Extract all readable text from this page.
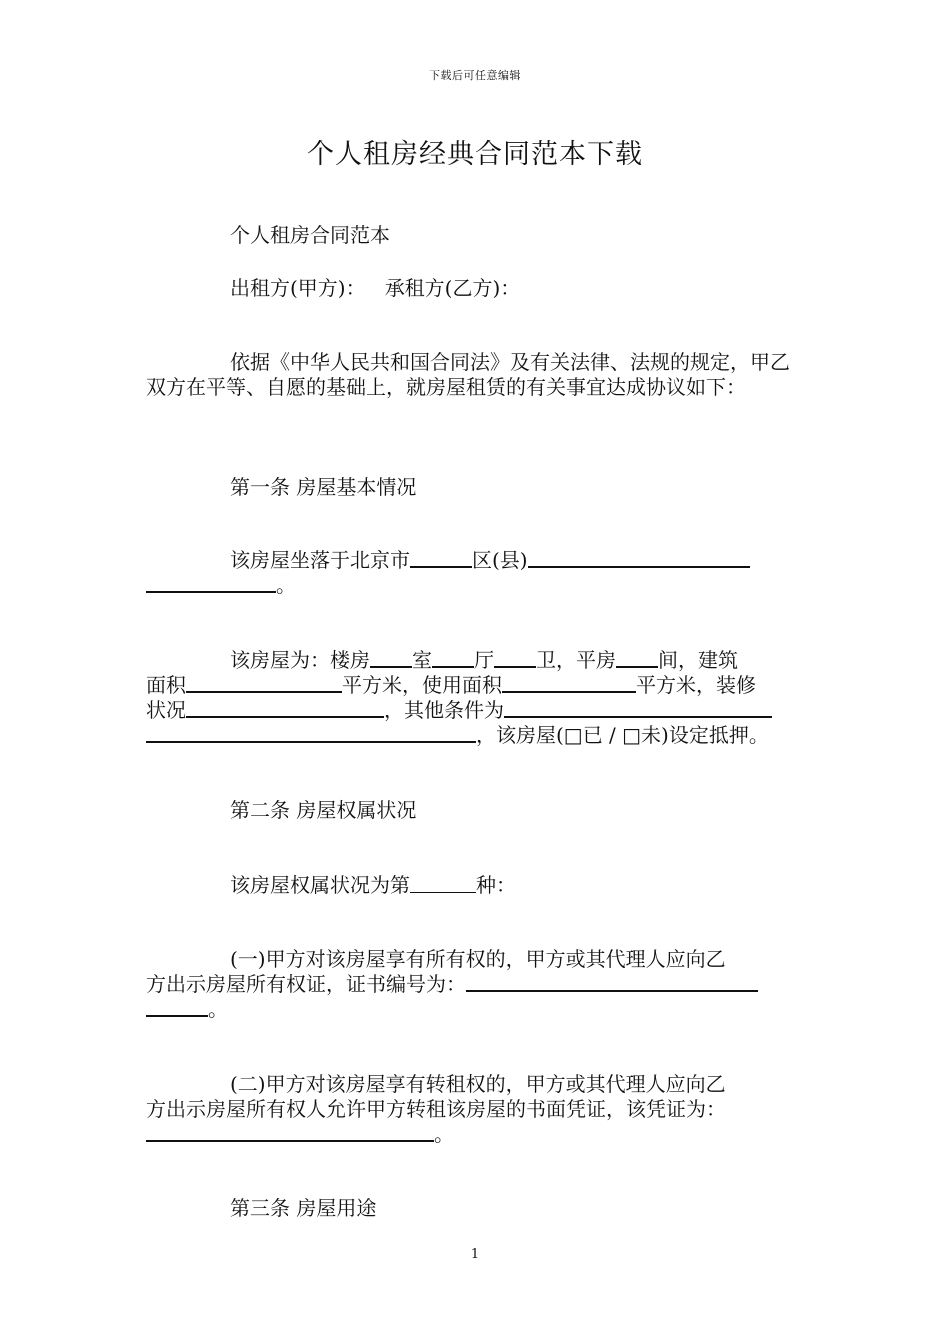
下载后可任意编辑
个人租房经典合同范本下载
个人租房合同范本
出租方(甲方)： 承租方(乙方)：
依据《中华人民共和国合同法》及有关法律、法规的规定，甲乙双方在平等、自愿的基础上，就房屋租赁的有关事宜达成协议如下：
第一条 房屋基本情况
该房屋坐落于北京市	区(县)
。
该房屋为：楼房 室 厅 卫，平房 间，建筑
面积	平方米，使用面积	平方米，装修
状况	，其他条件为
，该房屋(□已 / □未)设定抵押。
第二条 房屋权属状况
该房屋权属状况为第	种：
(一)甲方对该房屋享有所有权的，甲方或其代理人应向乙
方出示房屋所有权证，证书编号为：
。
(二)甲方对该房屋享有转租权的，甲方或其代理人应向乙
方出示房屋所有权人允许甲方转租该房屋的书面凭证，该凭证为：
。
第三条 房屋用途
1
